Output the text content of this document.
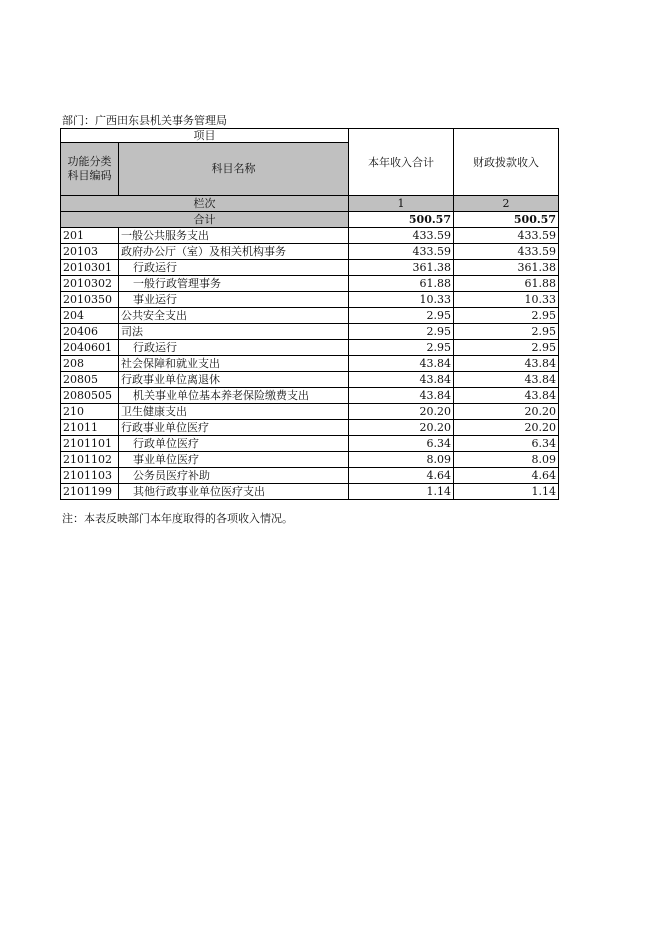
部门：广西田东县机关事务管理局
项目		本年收入合计	财政拨款收入

功能分类
科目编码	科目名称		
栏次		1	2
合计		500.57	500.57
201	一般公共服务支出	433.59	433.59
20103	政府办公厅（室）及相关机构事务	433.59	433.59
2010301	行政运行	361.38	361.38
2010302	一般行政管理事务	61.88	61.88
2010350	事业运行	10.33	10.33
204	公共安全支出	2.95	2.95
20406	司法	2.95	2.95
2040601	行政运行	2.95	2.95
208	社会保障和就业支出	43.84	43.84
20805	行政事业单位离退休	43.84	43.84
2080505	机关事业单位基本养老保险缴费支出	43.84	43.84
210	卫生健康支出	20.20	20.20
21011	行政事业单位医疗	20.20	20.20
2101101	行政单位医疗	6.34	6.34
2101102	事业单位医疗	8.09	8.09
2101103	公务员医疗补助	4.64	4.64
2101199	其他行政事业单位医疗支出	1.14	1.14
注：本表反映部门本年度取得的各项收入情况。
